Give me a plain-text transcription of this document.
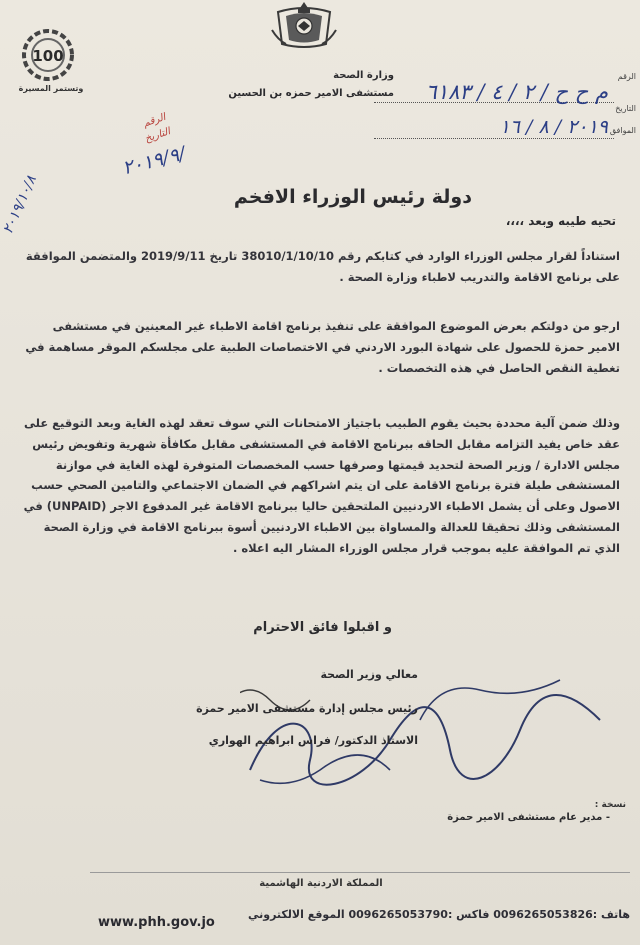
وزارة الصحة
مستشفى الامير حمزه بن الحسين
100
وتستمر المسيرة
الرقم
التاريخ
الموافق
م ح ح / ٢ / ٤ / ٦١٨٣
٢٠١٩ / ٨ / ١٦
الرقم
التاريخ
٢٠١٩/٩/
٢٠١٩/١٠/٨	دولة رئيس الوزراء الافخم
تحيه طيبه وبعد ،،،،
استناداً لقرار مجلس الوزراء الوارد في كتابكم رقم 38010/1/10/10 تاريخ 2019/9/11 والمتضمن الموافقة على برنامج الاقامة والتدريب لاطباء وزارة الصحة .
ارجو من دولتكم بعرض الموضوع الموافقة على تنفيذ برنامج اقامة الاطباء غير المعينين في مستشفى الامير حمزة للحصول على شهادة البورد الاردني في الاختصاصات الطبية على مجلسكم الموقر مساهمة في تغطية النقص الحاصل في هذه التخصصات .
وذلك ضمن آلية محددة بحيث يقوم الطبيب باجتياز الامتحانات التي سوف تعقد لهذه الغاية وبعد التوقيع على عقد خاص يفيد التزامه مقابل الحاقه ببرنامج الاقامة في المستشفى مقابل مكافأة شهرية وتفويض رئيس مجلس الادارة / وزير الصحة لتحديد قيمتها وصرفها حسب المخصصات المتوفرة لهذه الغاية في موازنة المستشفى طيلة فترة برنامج الاقامة على ان يتم اشراكهم في الضمان الاجتماعي والتامين الصحي حسب الاصول وعلى أن يشمل الاطباء الاردنيين الملتحقين حاليا ببرنامج الاقامة غير المدفوع الاجر (UNPAID) في المستشفى وذلك تحقيقا للعدالة والمساواة بين الاطباء الاردنيين أسوة ببرنامج الاقامة في وزارة الصحة الذي تم الموافقة عليه بموجب قرار مجلس الوزراء المشار اليه اعلاه .
و اقبلوا فائق الاحترام
معالي وزير الصحة
رئيس مجلس إدارة مستشفى الامير حمزة
الاستاذ الدكتور/ فراس ابراهيم الهواري
نسخة :
- مدير عام مستشفى الامير حمزة
المملكة الاردنية الهاشمية
هاتف :0096265053826 فاكس :0096265053790 الموقع الالكتروني
www.phh.gov.jo
